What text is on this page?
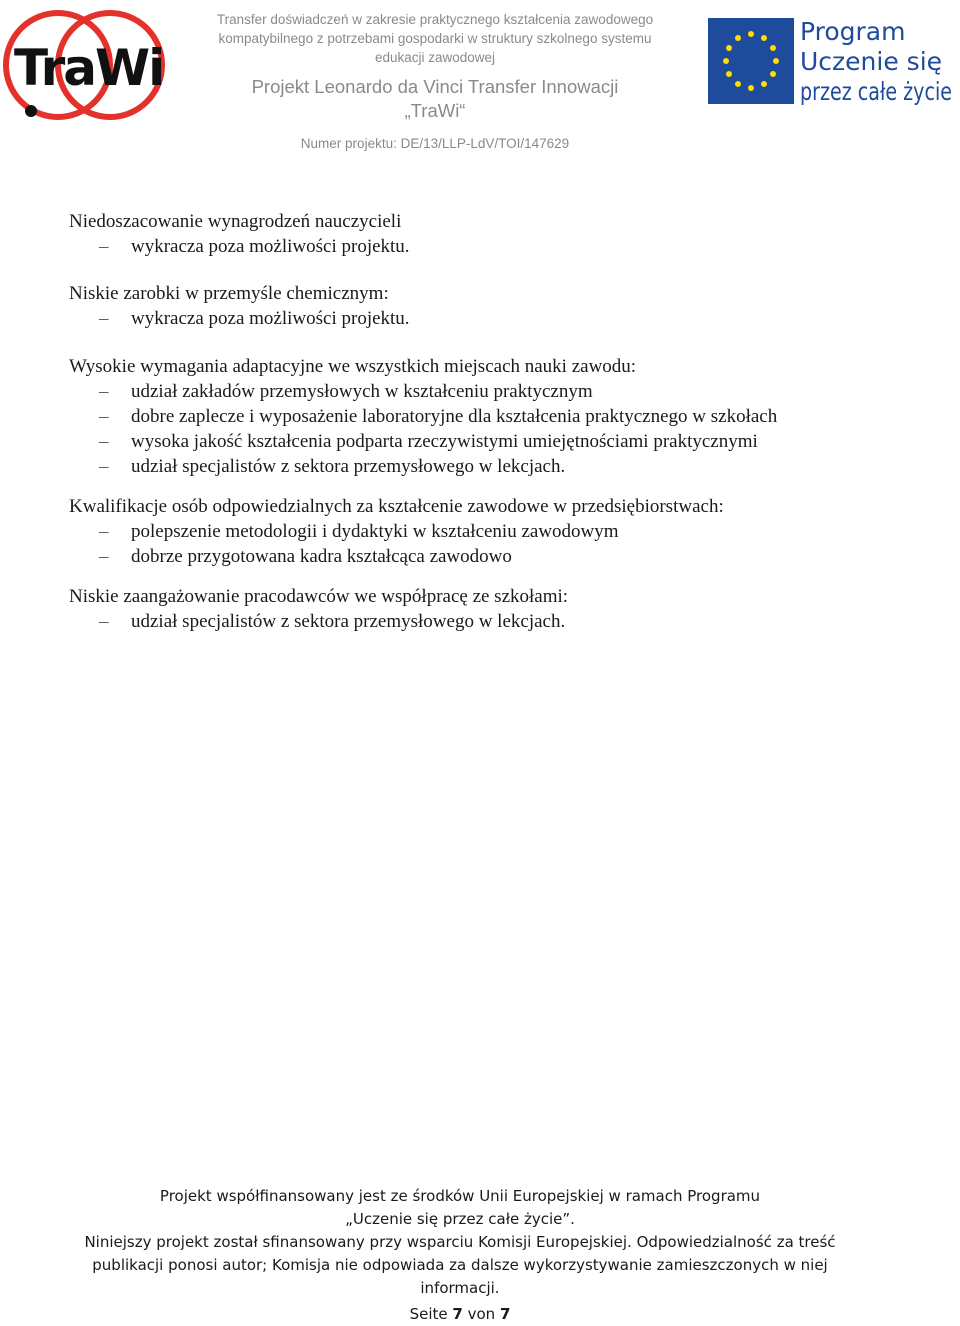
TraWi
Transfer doświadczeń w zakresie praktycznego kształcenia zawodowego
kompatybilnego z potrzebami gospodarki w struktury szkolnego systemu
edukacji zawodowej
Projekt Leonardo da Vinci Transfer Innowacji
„TraWi“
Numer projektu: DE/13/LLP-LdV/TOI/147629
Program
Uczenie się
przez całe życie
Niedoszacowanie wynagrodzeń nauczycieli
– wykracza poza możliwości projektu.
Niskie zarobki w przemyśle chemicznym:
– wykracza poza możliwości projektu.
Wysokie wymagania adaptacyjne we wszystkich miejscach nauki zawodu:
– udział zakładów przemysłowych w kształceniu praktycznym
– dobre zaplecze i wyposażenie laboratoryjne dla kształcenia praktycznego w szkołach
– wysoka jakość kształcenia podparta rzeczywistymi umiejętnościami praktycznymi
– udział specjalistów z sektora przemysłowego w lekcjach.
Kwalifikacje osób odpowiedzialnych za kształcenie zawodowe w przedsiębiorstwach:
– polepszenie metodologii i dydaktyki w kształceniu zawodowym
– dobrze przygotowana kadra kształcąca zawodowo
Niskie zaangażowanie pracodawców we współpracę ze szkołami:
– udział specjalistów z sektora przemysłowego w lekcjach.
Projekt współfinansowany jest ze środków Unii Europejskiej w ramach Programu
„Uczenie się przez całe życie”.
Niniejszy projekt został sfinansowany przy wsparciu Komisji Europejskiej. Odpowiedzialność za treść
publikacji ponosi autor; Komisja nie odpowiada za dalsze wykorzystywanie zamieszczonych w niej
informacji.
Seite 7 von 7
